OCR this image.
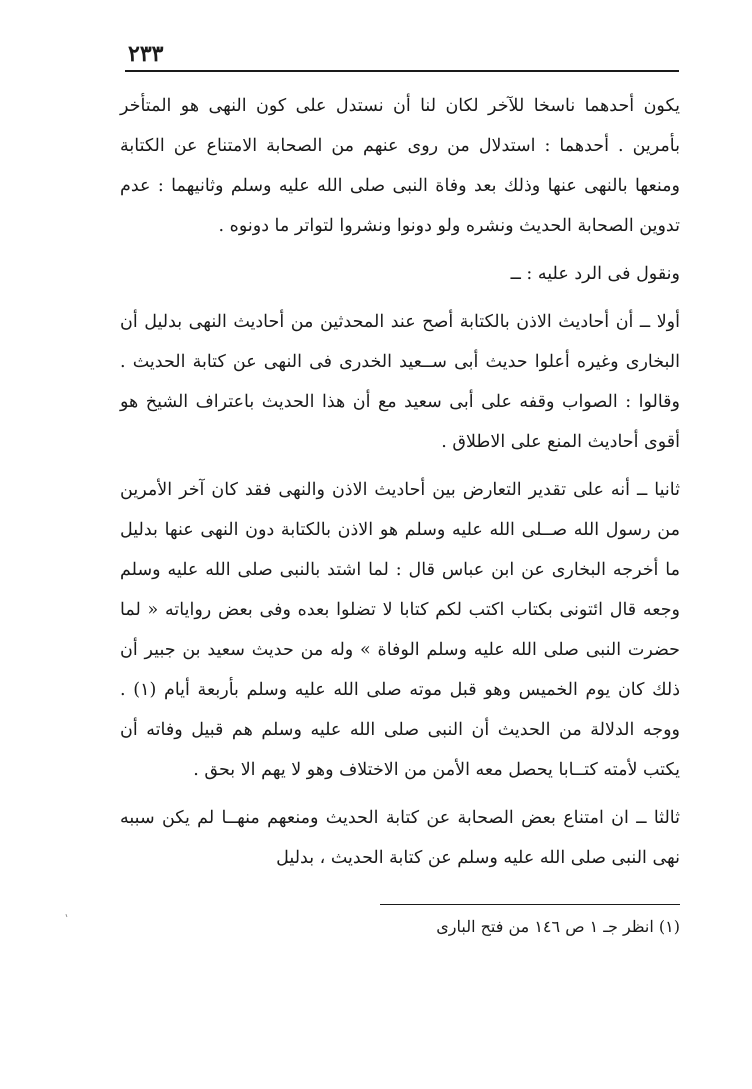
٢٣٣

يكون أحدهما ناسخا للآخر لكان لنا أن نستدل على كون النهى هو المتأخر بأمرين . أحدهما : استدلال من روى عنهم من الصحابة الامتناع عن الكتابة ومنعها بالنهى عنها وذلك بعد وفاة النبى صلى الله عليه وسلم وثانيهما : عدم تدوين الصحابة الحديث ونشره ولو دونوا ونشروا لتواتر ما دونوه .

ونقول فى الرد عليه : ــ

أولا ــ أن أحاديث الاذن بالكتابة أصح عند المحدثين من أحاديث النهى بدليل أن البخارى وغيره أعلوا حديث أبى ســعيد الخدرى فى النهى عن كتابة الحديث . وقالوا : الصواب وقفه على أبى سعيد مع أن هذا الحديث باعتراف الشيخ هو أقوى أحاديث المنع على الاطلاق .

ثانيا ــ أنه على تقدير التعارض بين أحاديث الاذن والنهى فقد كان آخر الأمرين من رسول الله صــلى الله عليه وسلم هو الاذن بالكتابة دون النهى عنها بدليل ما أخرجه البخارى عن ابن عباس قال : لما اشتد بالنبى صلى الله عليه وسلم وجعه قال ائتونى بكتاب اكتب لكم كتابا لا تضلوا بعده وفى بعض رواياته « لما حضرت النبى صلى الله عليه وسلم الوفاة » وله من حديث سعيد بن جبير أن ذلك كان يوم الخميس وهو قبل موته صلى الله عليه وسلم بأربعة أيام (١) . ووجه الدلالة من الحديث أن النبى صلى الله عليه وسلم هم قبيل وفاته أن يكتب لأمته كتــابا يحصل معه الأمن من الاختلاف وهو لا يهم الا بحق .

ثالثا ــ ان امتناع بعض الصحابة عن كتابة الحديث ومنعهم منهــا لم يكن سببه نهى النبى صلى الله عليه وسلم عن كتابة الحديث ، بدليل

(١) انظر جـ ١ ص ١٤٦ من فتح البارى
'
